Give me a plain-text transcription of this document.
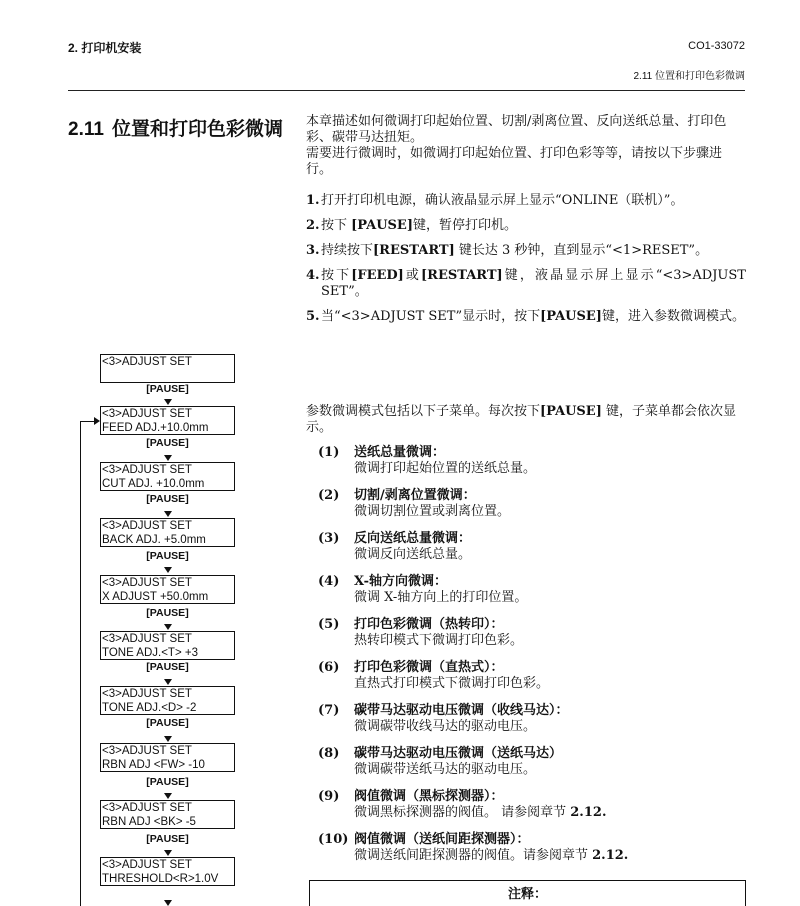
2. 打印机安装	CO1-33072
2.11 位置和打印色彩微调
2.11 位置和打印色彩微调 本章描述如何微调打印起始位置、切割/剥离位置、反向送纸总量、打印色彩、碳带马达扭矩。

需要进行微调时，如微调打印起始位置、打印色彩等等，请按以下步骤进行。

1. 打开打印机电源，确认液晶显示屏上显示“ONLINE（联机）”。
2. 按下 [PAUSE]键，暂停打印机。
3. 持续按下[RESTART] 键长达 3 秒钟，直到显示“<1>RESET”。
4. 按下[FEED]或[RESTART]键，液晶显示屏上显示“<3>ADJUST SET”。
5. 当“<3>ADJUST SET”显示时，按下[PAUSE]键，进入参数微调模式。
参数微调模式包括以下子菜单。每次按下[PAUSE] 键，子菜单都会依次显示。
(1) 送纸总量微调：
微调打印起始位置的送纸总量。
(2) 切割/剥离位置微调：
微调切割位置或剥离位置。
(3) 反向送纸总量微调：
微调反向送纸总量。
(4) X-轴方向微调：
微调 X-轴方向上的打印位置。
(5) 打印色彩微调（热转印）：
热转印模式下微调打印色彩。
(6) 打印色彩微调（直热式）：
直热式打印模式下微调打印色彩。
(7) 碳带马达驱动电压微调（收线马达）：
微调碳带收线马达的驱动电压。
(8) 碳带马达驱动电压微调（送纸马达）
微调碳带送纸马达的驱动电压。
(9) 阀值微调（黑标探测器）：
微调黑标探测器的阀值。 请参阅章节 2.12.
(10) 阀值微调（送纸间距探测器）：
微调送纸间距探测器的阀值。请参阅章节 2.12.
注释：
<3>ADJUST SET
[PAUSE]
<3>ADJUST SET
FEED ADJ.+10.0mm
[PAUSE]
<3>ADJUST SET
CUT ADJ. +10.0mm
[PAUSE]
<3>ADJUST SET
BACK ADJ. +5.0mm
[PAUSE]
<3>ADJUST SET
X ADJUST +50.0mm
[PAUSE]
<3>ADJUST SET
TONE ADJ.<T> +3
[PAUSE]
<3>ADJUST SET
TONE ADJ.<D> -2
[PAUSE]
<3>ADJUST SET
RBN ADJ <FW> -10
[PAUSE]
<3>ADJUST SET
RBN ADJ <BK> -5
[PAUSE]
<3>ADJUST SET
THRESHOLD<R>1.0V
